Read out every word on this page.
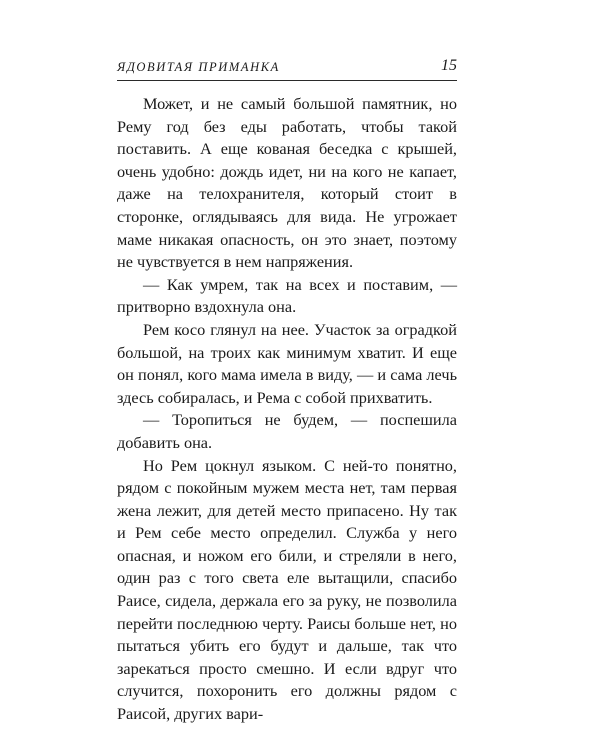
ЯДОВИТАЯ ПРИМАНКА	15

Может, и не самый большой памятник, но Рему год без еды работать, чтобы такой поставить. А еще кованая беседка с крышей, очень удобно: дождь идет, ни на кого не капает, даже на телохранителя, который стоит в сторонке, оглядываясь для вида. Не угрожает маме никакая опасность, он это знает, поэтому не чувствуется в нем напряжения.

— Как умрем, так на всех и поставим, — притворно вздохнула она.

Рем косо глянул на нее. Участок за оградкой большой, на троих как минимум хватит. И еще он понял, кого мама имела в виду, — и сама лечь здесь собиралась, и Рема с собой прихватить.

— Торопиться не будем, — поспешила добавить она.

Но Рем цокнул языком. С ней-то понятно, рядом с покойным мужем места нет, там первая жена лежит, для детей место припасено. Ну так и Рем себе место определил. Служба у него опасная, и ножом его били, и стреляли в него, один раз с того света еле вытащили, спасибо Раисе, сидела, держала его за руку, не позволила перейти последнюю черту. Раисы больше нет, но пытаться убить его будут и дальше, так что зарекаться просто смешно. И если вдруг что случится, похоронить его должны рядом с Раисой, других вари-
